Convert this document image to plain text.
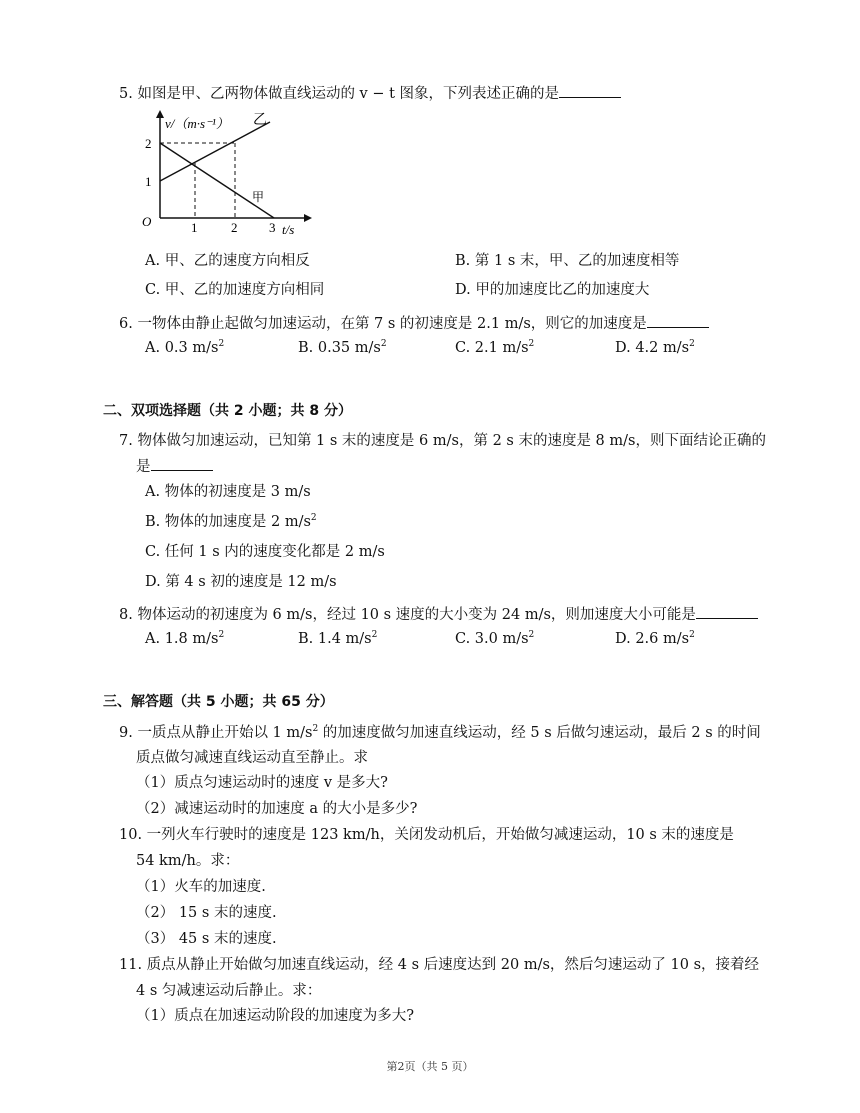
5. 如图是甲、乙两物体做直线运动的 v − t 图象，下列表述正确的是
v/（m·s⁻¹） 乙
甲
2
1
O	1	2 3 t/s
A. 甲、乙的速度方向相反	B. 第 1 s 末，甲、乙的加速度相等
C. 甲、乙的加速度方向相同	D. 甲的加速度比乙的加速度大
6. 一物体由静止起做匀加速运动，在第 7 s 的初速度是 2.1 m/s，则它的加速度是
A. 0.3 $m/s^2$	B. 0.35 $m/s^2$	C. 2.1 $m/s^2$	D. 4.2 $m/s^2$
二、双项选择题（共 2 小题；共 8 分）
7. 物体做匀加速运动，已知第 1 s 末的速度是 6 m/s，第 2 s 末的速度是 8 m/s，则下面结论正确的
是
A. 物体的初速度是 3 m/s
B. 物体的加速度是 2 $m/s^2$
C. 任何 1 s 内的速度变化都是 2 m/s
D. 第 4 s 初的速度是 12 m/s
8. 物体运动的初速度为 6 m/s，经过 10 s 速度的大小变为 24 m/s，则加速度大小可能是
A. 1.8 $m/s^2$	B. 1.4 $m/s^2$	C. 3.0 $m/s^2$	D. 2.6 $m/s^2$
三、解答题（共 5 小题；共 65 分）
9. 一质点从静止开始以 1 $m/s^2$ 的加速度做匀加速直线运动，经 5 s 后做匀速运动，最后 2 s 的时间
质点做匀减速直线运动直至静止。求
（1）质点匀速运动时的速度 v 是多大?
（2）减速运动时的加速度 a 的大小是多少?
10. 一列火车行驶时的速度是 123 km/h，关闭发动机后，开始做匀减速运动，10 s 末的速度是
54 km/h。求：
（1）火车的加速度.
（2） 15 s 末的速度.
（3） 45 s 末的速度.
11. 质点从静止开始做匀加速直线运动，经 4 s 后速度达到 20 m/s，然后匀速运动了 10 s，接着经
4 s 匀减速运动后静止。求：
（1）质点在加速运动阶段的加速度为多大?
第2页（共 5 页）
